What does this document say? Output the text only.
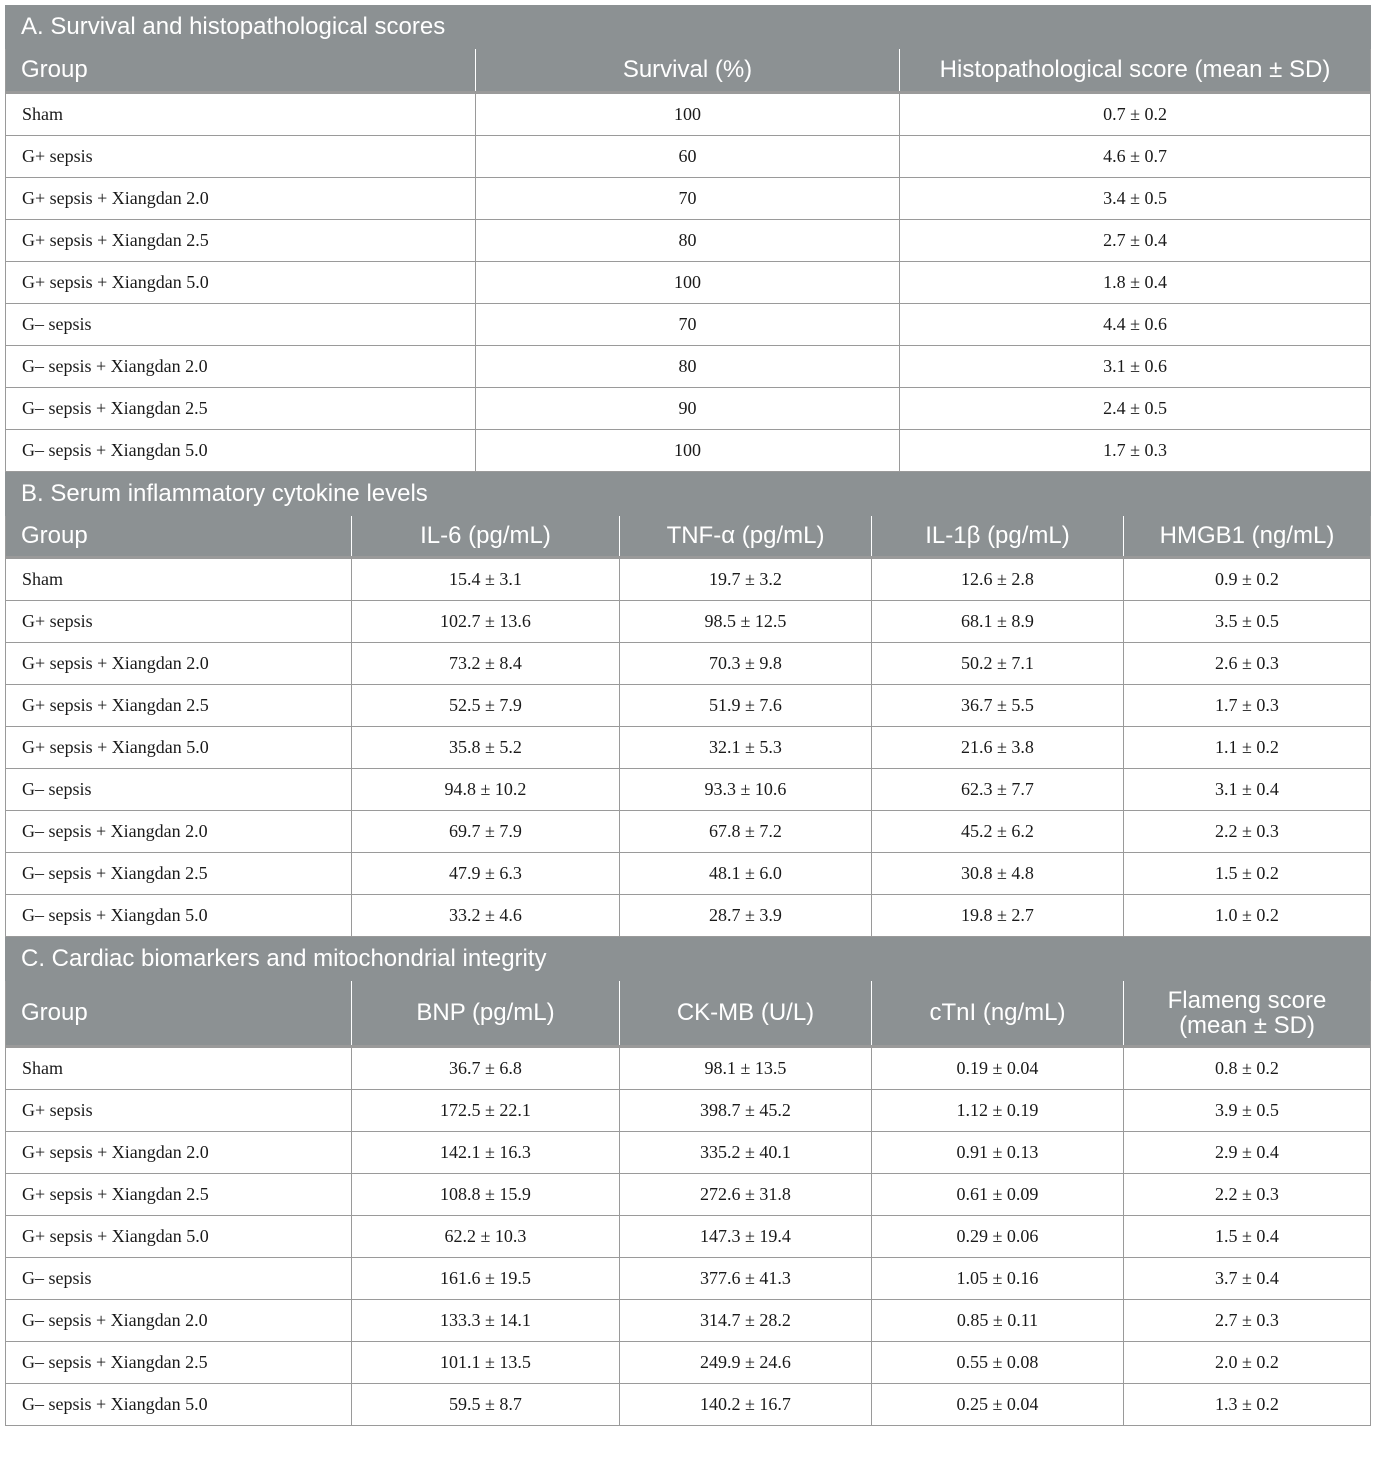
A. Survival and histopathological scores		
Group	Survival (%)	Histopathological score (mean ± SD)
Sham	100	0.7 ± 0.2
G+ sepsis	60	4.6 ± 0.7
G+ sepsis + Xiangdan 2.0	70	3.4 ± 0.5
G+ sepsis + Xiangdan 2.5	80	2.7 ± 0.4
G+ sepsis + Xiangdan 5.0	100	1.8 ± 0.4
G– sepsis	70	4.4 ± 0.6
G– sepsis + Xiangdan 2.0	80	3.1 ± 0.6
G– sepsis + Xiangdan 2.5	90	2.4 ± 0.5
G– sepsis + Xiangdan 5.0	100	1.7 ± 0.3
B. Serum inflammatory cytokine levels				
Group	IL-6 (pg/mL)	TNF-α (pg/mL)	IL-1β (pg/mL)	HMGB1 (ng/mL)
Sham	15.4 ± 3.1	19.7 ± 3.2	12.6 ± 2.8	0.9 ± 0.2
G+ sepsis	102.7 ± 13.6	98.5 ± 12.5	68.1 ± 8.9	3.5 ± 0.5
G+ sepsis + Xiangdan 2.0	73.2 ± 8.4	70.3 ± 9.8	50.2 ± 7.1	2.6 ± 0.3
G+ sepsis + Xiangdan 2.5	52.5 ± 7.9	51.9 ± 7.6	36.7 ± 5.5	1.7 ± 0.3
G+ sepsis + Xiangdan 5.0	35.8 ± 5.2	32.1 ± 5.3	21.6 ± 3.8	1.1 ± 0.2
G– sepsis	94.8 ± 10.2	93.3 ± 10.6	62.3 ± 7.7	3.1 ± 0.4
G– sepsis + Xiangdan 2.0	69.7 ± 7.9	67.8 ± 7.2	45.2 ± 6.2	2.2 ± 0.3
G– sepsis + Xiangdan 2.5	47.9 ± 6.3	48.1 ± 6.0	30.8 ± 4.8	1.5 ± 0.2
G– sepsis + Xiangdan 5.0	33.2 ± 4.6	28.7 ± 3.9	19.8 ± 2.7	1.0 ± 0.2
C. Cardiac biomarkers and mitochondrial integrity				
Group	BNP (pg/mL)	CK-MB (U/L)	cTnI (ng/mL)	Flameng score
(mean ± SD)
Sham	36.7 ± 6.8	98.1 ± 13.5	0.19 ± 0.04	0.8 ± 0.2
G+ sepsis	172.5 ± 22.1	398.7 ± 45.2	1.12 ± 0.19	3.9 ± 0.5
G+ sepsis + Xiangdan 2.0	142.1 ± 16.3	335.2 ± 40.1	0.91 ± 0.13	2.9 ± 0.4
G+ sepsis + Xiangdan 2.5	108.8 ± 15.9	272.6 ± 31.8	0.61 ± 0.09	2.2 ± 0.3
G+ sepsis + Xiangdan 5.0	62.2 ± 10.3	147.3 ± 19.4	0.29 ± 0.06	1.5 ± 0.4
G– sepsis	161.6 ± 19.5	377.6 ± 41.3	1.05 ± 0.16	3.7 ± 0.4
G– sepsis + Xiangdan 2.0	133.3 ± 14.1	314.7 ± 28.2	0.85 ± 0.11	2.7 ± 0.3
G– sepsis + Xiangdan 2.5	101.1 ± 13.5	249.9 ± 24.6	0.55 ± 0.08	2.0 ± 0.2
G– sepsis + Xiangdan 5.0	59.5 ± 8.7	140.2 ± 16.7	0.25 ± 0.04	1.3 ± 0.2
